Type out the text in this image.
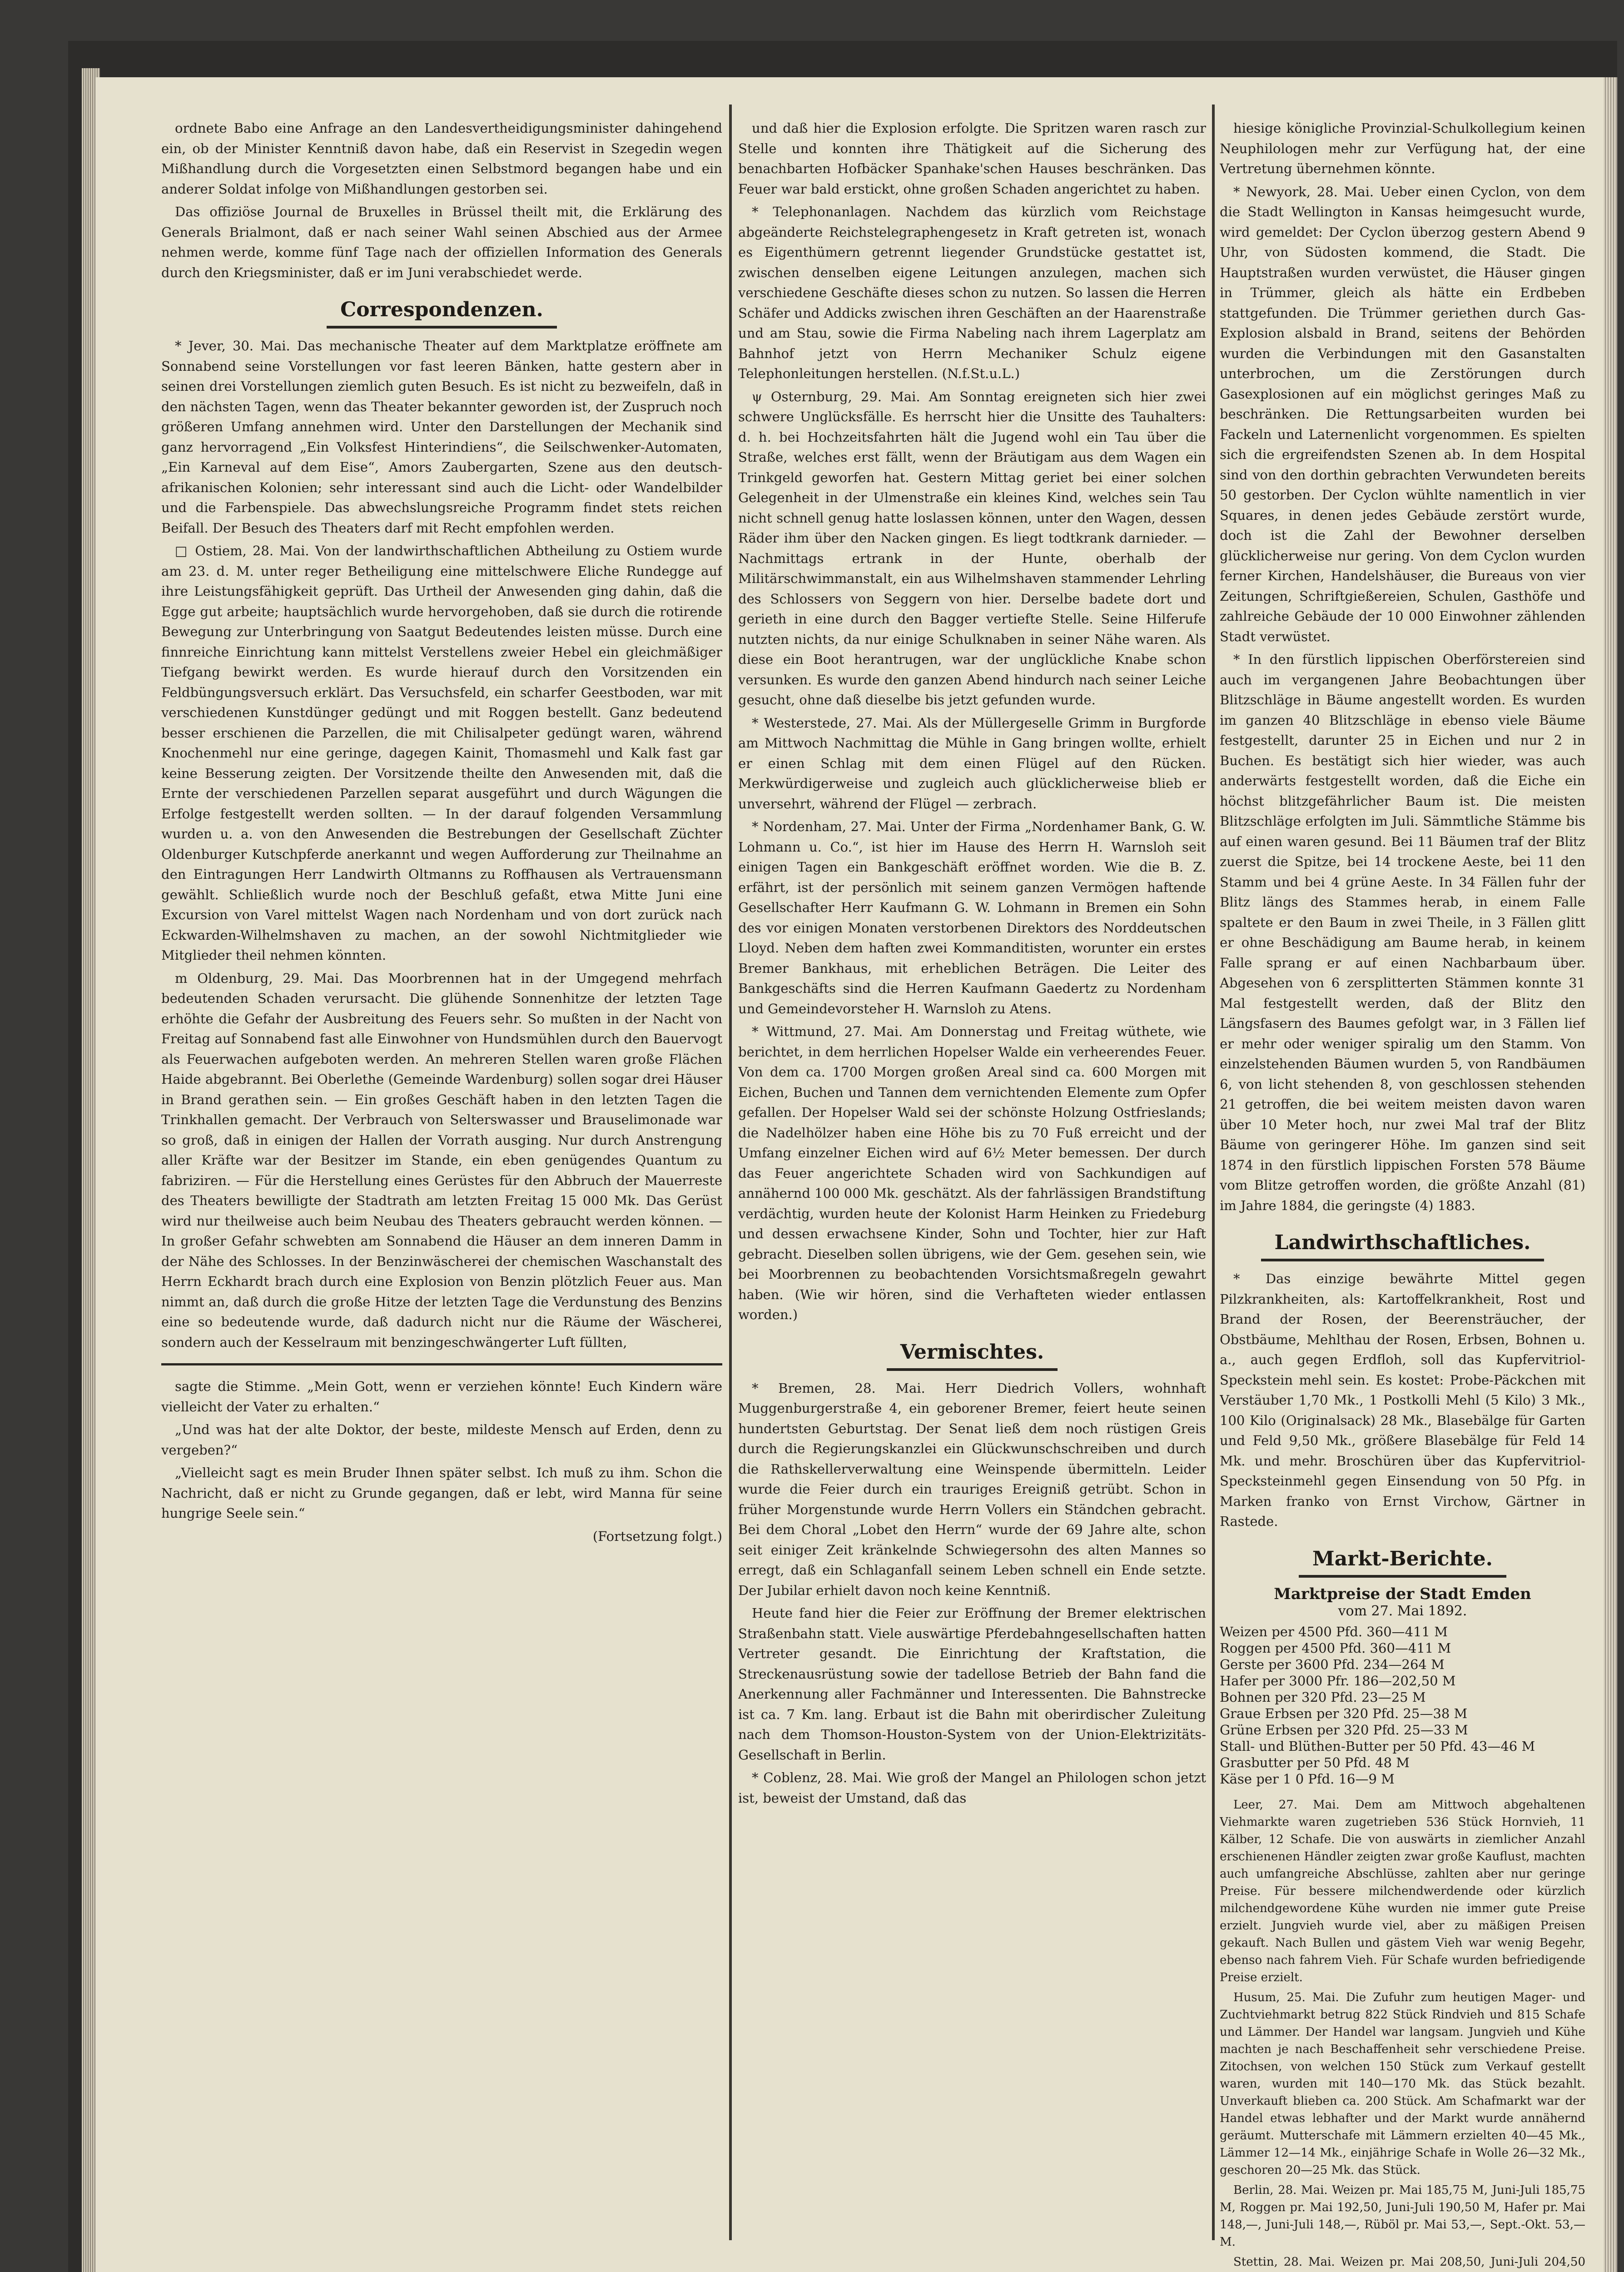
ordnete Babo eine Anfrage an den Landesvertheidigungsminister dahingehend ein, ob der Minister Kenntniß davon habe, daß ein Reservist in Szegedin wegen Mißhandlung durch die Vorgesetzten einen Selbstmord begangen habe und ein anderer Soldat infolge von Mißhandlungen gestorben sei.

Das offiziöse Journal de Bruxelles in Brüssel theilt mit, die Erklärung des Generals Brialmont, daß er nach seiner Wahl seinen Abschied aus der Armee nehmen werde, komme fünf Tage nach der offiziellen Information des Generals durch den Kriegsminister, daß er im Juni verabschiedet werde.

Correspondenzen.

* Jever, 30. Mai. Das mechanische Theater auf dem Marktplatze eröffnete am Sonnabend seine Vorstellungen vor fast leeren Bänken, hatte gestern aber in seinen drei Vorstellungen ziemlich guten Besuch. Es ist nicht zu bezweifeln, daß in den nächsten Tagen, wenn das Theater bekannter geworden ist, der Zuspruch noch größeren Umfang annehmen wird. Unter den Darstellungen der Mechanik sind ganz hervorragend „Ein Volksfest Hinterindiens“, die Seilschwenker-Automaten, „Ein Karneval auf dem Eise“, Amors Zaubergarten, Szene aus den deutsch-afrikanischen Kolonien; sehr interessant sind auch die Licht- oder Wandelbilder und die Farbenspiele. Das abwechslungsreiche Programm findet stets reichen Beifall. Der Besuch des Theaters darf mit Recht empfohlen werden.

□ Ostiem, 28. Mai. Von der landwirthschaftlichen Abtheilung zu Ostiem wurde am 23. d. M. unter reger Betheiligung eine mittelschwere Eliche Rundegge auf ihre Leistungsfähigkeit geprüft. Das Urtheil der Anwesenden ging dahin, daß die Egge gut arbeite; hauptsächlich wurde hervorgehoben, daß sie durch die rotirende Bewegung zur Unterbringung von Saatgut Bedeutendes leisten müsse. Durch eine finnreiche Einrichtung kann mittelst Verstellens zweier Hebel ein gleichmäßiger Tiefgang bewirkt werden. Es wurde hierauf durch den Vorsitzenden ein Feldbüngungsversuch erklärt. Das Versuchsfeld, ein scharfer Geestboden, war mit verschiedenen Kunstdünger gedüngt und mit Roggen bestellt. Ganz bedeutend besser erschienen die Parzellen, die mit Chilisalpeter gedüngt waren, während Knochenmehl nur eine geringe, dagegen Kainit, Thomasmehl und Kalk fast gar keine Besserung zeigten. Der Vorsitzende theilte den Anwesenden mit, daß die Ernte der verschiedenen Parzellen separat ausgeführt und durch Wägungen die Erfolge festgestellt werden sollten. — In der darauf folgenden Versammlung wurden u. a. von den Anwesenden die Bestrebungen der Gesellschaft Züchter Oldenburger Kutschpferde anerkannt und wegen Aufforderung zur Theilnahme an den Eintragungen Herr Landwirth Oltmanns zu Roffhausen als Vertrauensmann gewählt. Schließlich wurde noch der Beschluß gefaßt, etwa Mitte Juni eine Excursion von Varel mittelst Wagen nach Nordenham und von dort zurück nach Eckwarden-Wilhelmshaven zu machen, an der sowohl Nichtmitglieder wie Mitglieder theil nehmen könnten.

m Oldenburg, 29. Mai. Das Moorbrennen hat in der Umgegend mehrfach bedeutenden Schaden verursacht. Die glühende Sonnenhitze der letzten Tage erhöhte die Gefahr der Ausbreitung des Feuers sehr. So mußten in der Nacht von Freitag auf Sonnabend fast alle Einwohner von Hundsmühlen durch den Bauervogt als Feuerwachen aufgeboten werden. An mehreren Stellen waren große Flächen Haide abgebrannt. Bei Oberlethe (Gemeinde Wardenburg) sollen sogar drei Häuser in Brand gerathen sein. — Ein großes Geschäft haben in den letzten Tagen die Trinkhallen gemacht. Der Verbrauch von Selterswasser und Brauselimonade war so groß, daß in einigen der Hallen der Vorrath ausging. Nur durch Anstrengung aller Kräfte war der Besitzer im Stande, ein eben genügendes Quantum zu fabriziren. — Für die Herstellung eines Gerüstes für den Abbruch der Mauerreste des Theaters bewilligte der Stadtrath am letzten Freitag 15 000 Mk. Das Gerüst wird nur theilweise auch beim Neubau des Theaters gebraucht werden können. — In großer Gefahr schwebten am Sonnabend die Häuser an dem inneren Damm in der Nähe des Schlosses. In der Benzinwäscherei der chemischen Waschanstalt des Herrn Eckhardt brach durch eine Explosion von Benzin plötzlich Feuer aus. Man nimmt an, daß durch die große Hitze der letzten Tage die Verdunstung des Benzins eine so bedeutende wurde, daß dadurch nicht nur die Räume der Wäscherei, sondern auch der Kesselraum mit benzingeschwängerter Luft füllten,

sagte die Stimme. „Mein Gott, wenn er verziehen könnte! Euch Kindern wäre vielleicht der Vater zu erhalten.“

„Und was hat der alte Doktor, der beste, mildeste Mensch auf Erden, denn zu vergeben?“

„Vielleicht sagt es mein Bruder Ihnen später selbst. Ich muß zu ihm. Schon die Nachricht, daß er nicht zu Grunde gegangen, daß er lebt, wird Manna für seine hungrige Seele sein.“

(Fortsetzung folgt.)

und daß hier die Explosion erfolgte. Die Spritzen waren rasch zur Stelle und konnten ihre Thätigkeit auf die Sicherung des benachbarten Hofbäcker Spanhake'schen Hauses beschränken. Das Feuer war bald erstickt, ohne großen Schaden angerichtet zu haben.

* Telephonanlagen. Nachdem das kürzlich vom Reichstage abgeänderte Reichstelegraphengesetz in Kraft getreten ist, wonach es Eigenthümern getrennt liegender Grundstücke gestattet ist, zwischen denselben eigene Leitungen anzulegen, machen sich verschiedene Geschäfte dieses schon zu nutzen. So lassen die Herren Schäfer und Addicks zwischen ihren Geschäften an der Haarenstraße und am Stau, sowie die Firma Nabeling nach ihrem Lagerplatz am Bahnhof jetzt von Herrn Mechaniker Schulz eigene Telephonleitungen herstellen. (N.f.St.u.L.)

ψ Osternburg, 29. Mai. Am Sonntag ereigneten sich hier zwei schwere Unglücksfälle. Es herrscht hier die Unsitte des Tauhalters: d. h. bei Hochzeitsfahrten hält die Jugend wohl ein Tau über die Straße, welches erst fällt, wenn der Bräutigam aus dem Wagen ein Trinkgeld geworfen hat. Gestern Mittag geriet bei einer solchen Gelegenheit in der Ulmenstraße ein kleines Kind, welches sein Tau nicht schnell genug hatte loslassen können, unter den Wagen, dessen Räder ihm über den Nacken gingen. Es liegt todtkrank darnieder. — Nachmittags ertrank in der Hunte, oberhalb der Militärschwimmanstalt, ein aus Wilhelmshaven stammender Lehrling des Schlossers von Seggern von hier. Derselbe badete dort und gerieth in eine durch den Bagger vertiefte Stelle. Seine Hilferufe nutzten nichts, da nur einige Schulknaben in seiner Nähe waren. Als diese ein Boot herantrugen, war der unglückliche Knabe schon versunken. Es wurde den ganzen Abend hindurch nach seiner Leiche gesucht, ohne daß dieselbe bis jetzt gefunden wurde.

* Westerstede, 27. Mai. Als der Müllergeselle Grimm in Burgforde am Mittwoch Nachmittag die Mühle in Gang bringen wollte, erhielt er einen Schlag mit dem einen Flügel auf den Rücken. Merkwürdigerweise und zugleich auch glücklicherweise blieb er unversehrt, während der Flügel — zerbrach.

* Nordenham, 27. Mai. Unter der Firma „Nordenhamer Bank, G. W. Lohmann u. Co.“, ist hier im Hause des Herrn H. Warnsloh seit einigen Tagen ein Bankgeschäft eröffnet worden. Wie die B. Z. erfährt, ist der persönlich mit seinem ganzen Vermögen haftende Gesellschafter Herr Kaufmann G. W. Lohmann in Bremen ein Sohn des vor einigen Monaten verstorbenen Direktors des Norddeutschen Lloyd. Neben dem haften zwei Kommanditisten, worunter ein erstes Bremer Bankhaus, mit erheblichen Beträgen. Die Leiter des Bankgeschäfts sind die Herren Kaufmann Gaedertz zu Nordenham und Gemeindevorsteher H. Warnsloh zu Atens.

* Wittmund, 27. Mai. Am Donnerstag und Freitag wüthete, wie berichtet, in dem herrlichen Hopelser Walde ein verheerendes Feuer. Von dem ca. 1700 Morgen großen Areal sind ca. 600 Morgen mit Eichen, Buchen und Tannen dem vernichtenden Elemente zum Opfer gefallen. Der Hopelser Wald sei der schönste Holzung Ostfrieslands; die Nadelhölzer haben eine Höhe bis zu 70 Fuß erreicht und der Umfang einzelner Eichen wird auf 6½ Meter bemessen. Der durch das Feuer angerichtete Schaden wird von Sachkundigen auf annähernd 100 000 Mk. geschätzt. Als der fahrlässigen Brandstiftung verdächtig, wurden heute der Kolonist Harm Heinken zu Friedeburg und dessen erwachsene Kinder, Sohn und Tochter, hier zur Haft gebracht. Dieselben sollen übrigens, wie der Gem. gesehen sein, wie bei Moorbrennen zu beobachtenden Vorsichtsmaßregeln gewahrt haben. (Wie wir hören, sind die Verhafteten wieder entlassen worden.)

Vermischtes.

* Bremen, 28. Mai. Herr Diedrich Vollers, wohnhaft Muggenburgerstraße 4, ein geborener Bremer, feiert heute seinen hundertsten Geburtstag. Der Senat ließ dem noch rüstigen Greis durch die Regierungskanzlei ein Glückwunschschreiben und durch die Rathskellerverwaltung eine Weinspende übermitteln. Leider wurde die Feier durch ein trauriges Ereigniß getrübt. Schon in früher Morgenstunde wurde Herrn Vollers ein Ständchen gebracht. Bei dem Choral „Lobet den Herrn“ wurde der 69 Jahre alte, schon seit einiger Zeit kränkelnde Schwiegersohn des alten Mannes so erregt, daß ein Schlaganfall seinem Leben schnell ein Ende setzte. Der Jubilar erhielt davon noch keine Kenntniß.

Heute fand hier die Feier zur Eröffnung der Bremer elektrischen Straßenbahn statt. Viele auswärtige Pferdebahngesellschaften hatten Vertreter gesandt. Die Einrichtung der Kraftstation, die Streckenausrüstung sowie der tadellose Betrieb der Bahn fand die Anerkennung aller Fachmänner und Interessenten. Die Bahnstrecke ist ca. 7 Km. lang. Erbaut ist die Bahn mit oberirdischer Zuleitung nach dem Thomson-Houston-System von der Union-Elektrizitäts-Gesellschaft in Berlin.

* Coblenz, 28. Mai. Wie groß der Mangel an Philologen schon jetzt ist, beweist der Umstand, daß das

hiesige königliche Provinzial-Schulkollegium keinen Neuphilologen mehr zur Verfügung hat, der eine Vertretung übernehmen könnte.

* Newyork, 28. Mai. Ueber einen Cyclon, von dem die Stadt Wellington in Kansas heimgesucht wurde, wird gemeldet: Der Cyclon überzog gestern Abend 9 Uhr, von Südosten kommend, die Stadt. Die Hauptstraßen wurden verwüstet, die Häuser gingen in Trümmer, gleich als hätte ein Erdbeben stattgefunden. Die Trümmer geriethen durch Gas-Explosion alsbald in Brand, seitens der Behörden wurden die Verbindungen mit den Gasanstalten unterbrochen, um die Zerstörungen durch Gasexplosionen auf ein möglichst geringes Maß zu beschränken. Die Rettungsarbeiten wurden bei Fackeln und Laternenlicht vorgenommen. Es spielten sich die ergreifendsten Szenen ab. In dem Hospital sind von den dorthin gebrachten Verwundeten bereits 50 gestorben. Der Cyclon wühlte namentlich in vier Squares, in denen jedes Gebäude zerstört wurde, doch ist die Zahl der Bewohner derselben glücklicherweise nur gering. Von dem Cyclon wurden ferner Kirchen, Handelshäuser, die Bureaus von vier Zeitungen, Schriftgießereien, Schulen, Gasthöfe und zahlreiche Gebäude der 10 000 Einwohner zählenden Stadt verwüstet.

* In den fürstlich lippischen Oberförstereien sind auch im vergangenen Jahre Beobachtungen über Blitzschläge in Bäume angestellt worden. Es wurden im ganzen 40 Blitzschläge in ebenso viele Bäume festgestellt, darunter 25 in Eichen und nur 2 in Buchen. Es bestätigt sich hier wieder, was auch anderwärts festgestellt worden, daß die Eiche ein höchst blitzgefährlicher Baum ist. Die meisten Blitzschläge erfolgten im Juli. Sämmtliche Stämme bis auf einen waren gesund. Bei 11 Bäumen traf der Blitz zuerst die Spitze, bei 14 trockene Aeste, bei 11 den Stamm und bei 4 grüne Aeste. In 34 Fällen fuhr der Blitz längs des Stammes herab, in einem Falle spaltete er den Baum in zwei Theile, in 3 Fällen glitt er ohne Beschädigung am Baume herab, in keinem Falle sprang er auf einen Nachbarbaum über. Abgesehen von 6 zersplitterten Stämmen konnte 31 Mal festgestellt werden, daß der Blitz den Längsfasern des Baumes gefolgt war, in 3 Fällen lief er mehr oder weniger spiralig um den Stamm. Von einzelstehenden Bäumen wurden 5, von Randbäumen 6, von licht stehenden 8, von geschlossen stehenden 21 getroffen, die bei weitem meisten davon waren über 10 Meter hoch, nur zwei Mal traf der Blitz Bäume von geringerer Höhe. Im ganzen sind seit 1874 in den fürstlich lippischen Forsten 578 Bäume vom Blitze getroffen worden, die größte Anzahl (81) im Jahre 1884, die geringste (4) 1883.

Landwirthschaftliches.

* Das einzige bewährte Mittel gegen Pilzkrankheiten, als: Kartoffelkrankheit, Rost und Brand der Rosen, der Beerensträucher, der Obstbäume, Mehlthau der Rosen, Erbsen, Bohnen u. a., auch gegen Erdfloh, soll das Kupfervitriol-Speckstein mehl sein. Es kostet: Probe-Päckchen mit Verstäuber 1,70 Mk., 1 Postkolli Mehl (5 Kilo) 3 Mk., 100 Kilo (Originalsack) 28 Mk., Blasebälge für Garten und Feld 9,50 Mk., größere Blasebälge für Feld 14 Mk. und mehr. Broschüren über das Kupfervitriol-Specksteinmehl gegen Einsendung von 50 Pfg. in Marken franko von Ernst Virchow, Gärtner in Rastede.

Markt-Berichte.
Marktpreise der Stadt Emden
vom 27. Mai 1892.

Weizen per 4500 Pfd. 360—411 M

Roggen per 4500 Pfd. 360—411 M

Gerste per 3600 Pfd. 234—264 M

Hafer per 3000 Pfr. 186—202,50 M

Bohnen per 320 Pfd. 23—25 M

Graue Erbsen per 320 Pfd. 25—38 M

Grüne Erbsen per 320 Pfd. 25—33 M

Stall- und Blüthen-Butter per 50 Pfd. 43—46 M

Grasbutter per 50 Pfd. 48 M

Käse per 1 0 Pfd. 16—9 M

Leer, 27. Mai. Dem am Mittwoch abgehaltenen Viehmarkte waren zugetrieben 536 Stück Hornvieh, 11 Kälber, 12 Schafe. Die von auswärts in ziemlicher Anzahl erschienenen Händler zeigten zwar große Kauflust, machten auch umfangreiche Abschlüsse, zahlten aber nur geringe Preise. Für bessere milchendwerdende oder kürzlich milchendgewordene Kühe wurden nie immer gute Preise erzielt. Jungvieh wurde viel, aber zu mäßigen Preisen gekauft. Nach Bullen und gästem Vieh war wenig Begehr, ebenso nach fahrem Vieh. Für Schafe wurden befriedigende Preise erzielt.

Husum, 25. Mai. Die Zufuhr zum heutigen Mager- und Zuchtviehmarkt betrug 822 Stück Rindvieh und 815 Schafe und Lämmer. Der Handel war langsam. Jungvieh und Kühe machten je nach Beschaffenheit sehr verschiedene Preise. Zitochsen, von welchen 150 Stück zum Verkauf gestellt waren, wurden mit 140—170 Mk. das Stück bezahlt. Unverkauft blieben ca. 200 Stück. Am Schafmarkt war der Handel etwas lebhafter und der Markt wurde annähernd geräumt. Mutterschafe mit Lämmern erzielten 40—45 Mk., Lämmer 12—14 Mk., einjährige Schafe in Wolle 26—32 Mk., geschoren 20—25 Mk. das Stück.

Berlin, 28. Mai. Weizen pr. Mai 185,75 M, Juni-Juli 185,75 M, Roggen pr. Mai 192,50, Juni-Juli 190,50 M, Hafer pr. Mai 148,—, Juni-Juli 148,—, Rüböl pr. Mai 53,—, Sept.-Okt. 53,— M.

Stettin, 28. Mai. Weizen pr. Mai 208,50, Juni-Juli 204,50
